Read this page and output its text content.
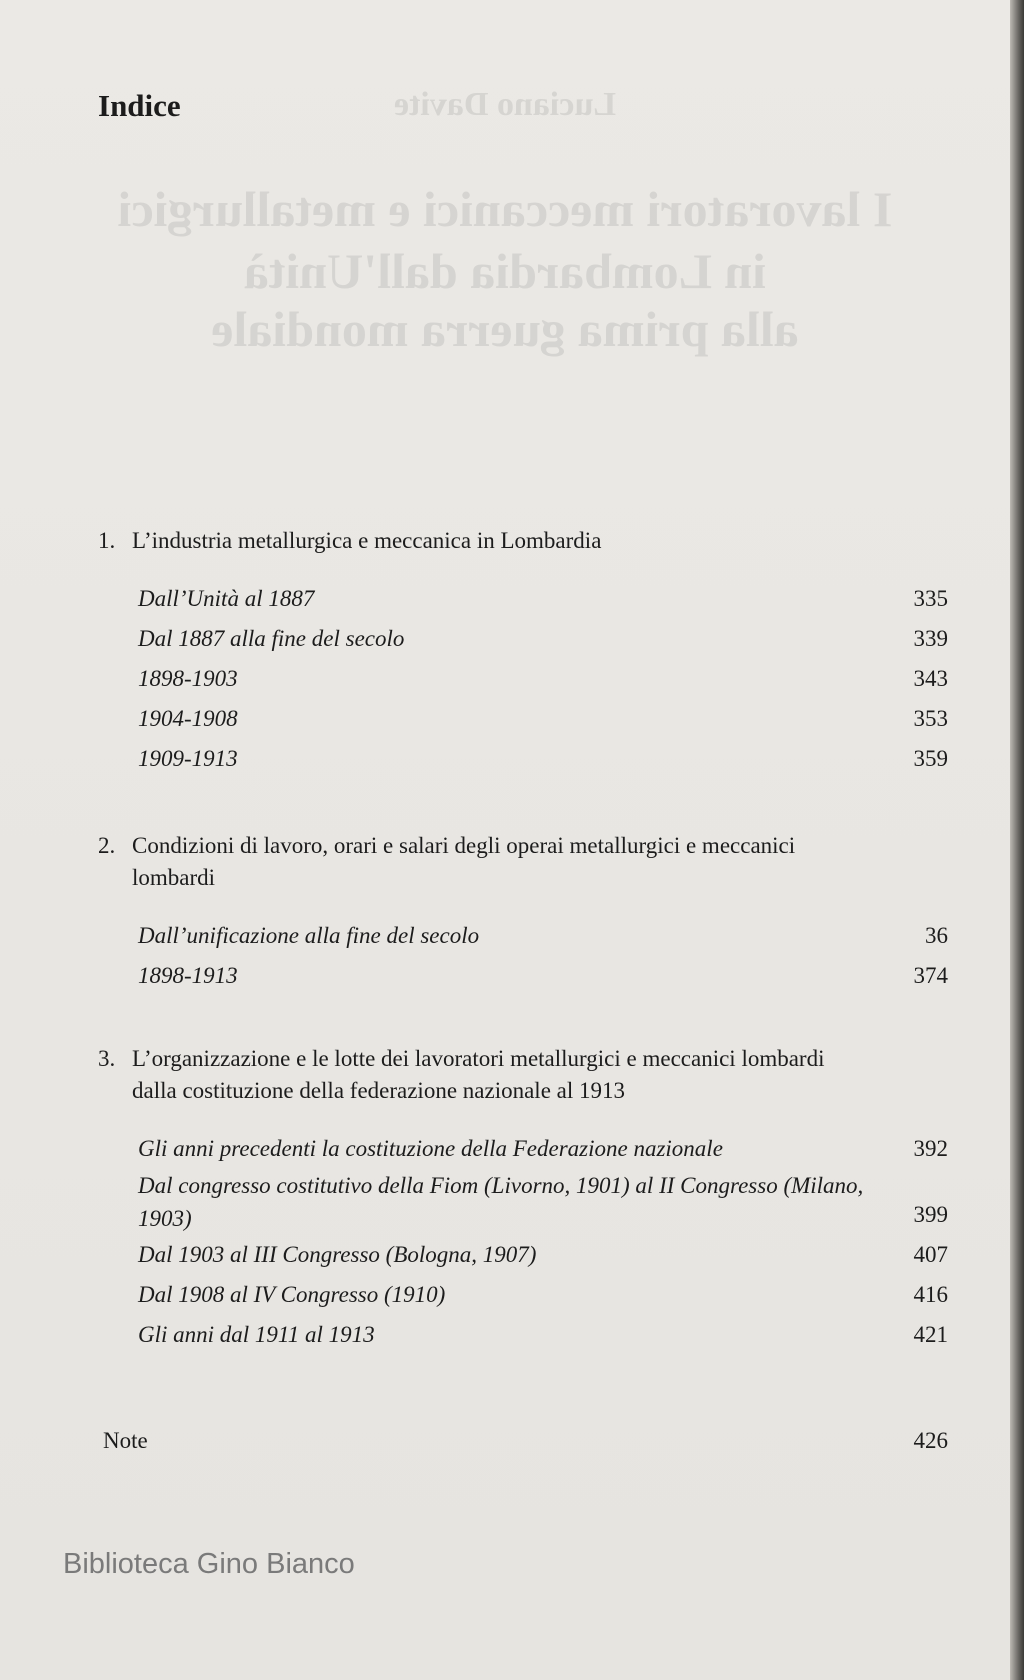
Luciano Davite
I lavoratori meccanici e metallurgici
in Lombardia dall'Unità
alla prima guerra mondiale
Indice
1. L’industria metallurgica e meccanica in Lombardia
Dall’Unità al 1887	335
Dal 1887 alla fine del secolo	339
1898-1903	343
1904-1908	353
1909-1913	359
2. Condizioni di lavoro, orari e salari degli operai metallurgici e meccanici lombardi
Dall’unificazione alla fine del secolo	36
1898-1913	374
3. L’organizzazione e le lotte dei lavoratori metallurgici e meccanici lombardi dalla costituzione della federazione nazionale al 1913
Gli anni precedenti la costituzione della Federazione nazionale	392
Dal congresso costitutivo della Fiom (Livorno, 1901) al II Congresso (Milano, 1903)	399
Dal 1903 al III Congresso (Bologna, 1907)	407
Dal 1908 al IV Congresso (1910)	416
Gli anni dal 1911 al 1913	421
Note	426
Biblioteca Gino Bianco
